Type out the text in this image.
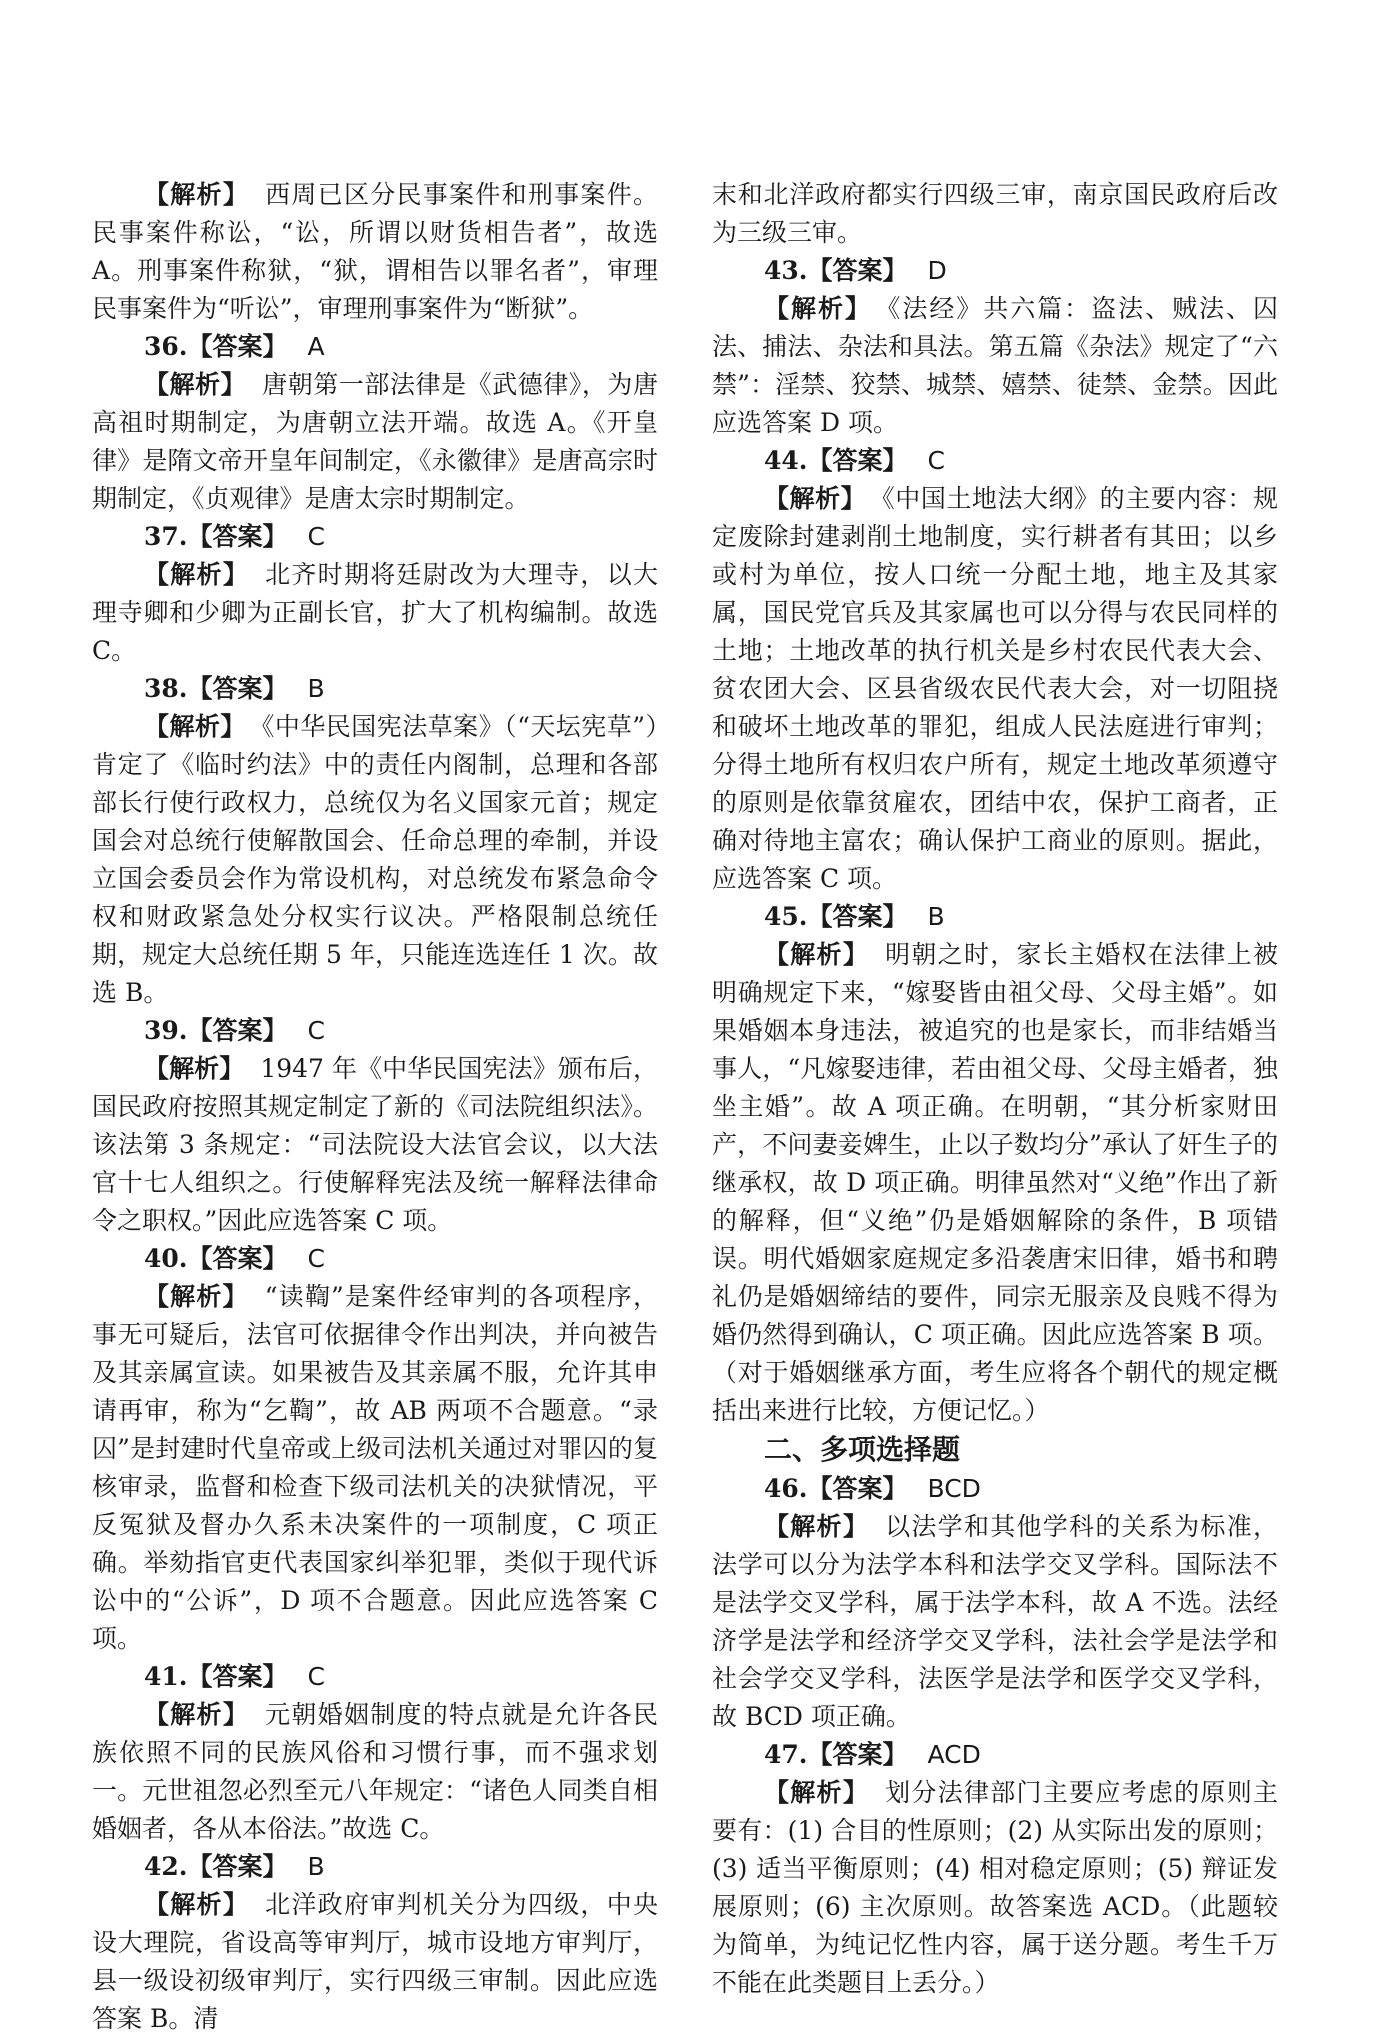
【解析】 西周已区分民事案件和刑事案件。民事案件称讼，“讼，所谓以财货相告者”，故选 A。刑事案件称狱，“狱，谓相告以罪名者”，审理民事案件为“听讼”，审理刑事案件为“断狱”。

36.【答案】 A

【解析】 唐朝第一部法律是《武德律》，为唐高祖时期制定，为唐朝立法开端。故选 A。《开皇律》是隋文帝开皇年间制定，《永徽律》是唐高宗时期制定，《贞观律》是唐太宗时期制定。

37.【答案】 C

【解析】 北齐时期将廷尉改为大理寺，以大理寺卿和少卿为正副长官，扩大了机构编制。故选 C。

38.【答案】 B

【解析】 《中华民国宪法草案》（“天坛宪草”）肯定了《临时约法》中的责任内阁制，总理和各部部长行使行政权力，总统仅为名义国家元首；规定国会对总统行使解散国会、任命总理的牵制，并设立国会委员会作为常设机构，对总统发布紧急命令权和财政紧急处分权实行议决。严格限制总统任期，规定大总统任期 5 年，只能连选连任 1 次。故选 B。

39.【答案】 C

【解析】 1947 年《中华民国宪法》颁布后，国民政府按照其规定制定了新的《司法院组织法》。该法第 3 条规定：“司法院设大法官会议，以大法官十七人组织之。行使解释宪法及统一解释法律命令之职权。”因此应选答案 C 项。

40.【答案】 C

【解析】 “读鞫”是案件经审判的各项程序，事无可疑后，法官可依据律令作出判决，并向被告及其亲属宣读。如果被告及其亲属不服，允许其申请再审，称为“乞鞫”，故 AB 两项不合题意。“录囚”是封建时代皇帝或上级司法机关通过对罪囚的复核审录，监督和检查下级司法机关的决狱情况，平反冤狱及督办久系未决案件的一项制度，C 项正确。举劾指官吏代表国家纠举犯罪，类似于现代诉讼中的“公诉”，D 项不合题意。因此应选答案 C 项。

41.【答案】 C

【解析】 元朝婚姻制度的特点就是允许各民族依照不同的民族风俗和习惯行事，而不强求划一。元世祖忽必烈至元八年规定：“诸色人同类自相婚姻者，各从本俗法。”故选 C。

42.【答案】 B

【解析】 北洋政府审判机关分为四级，中央设大理院，省设高等审判厅，城市设地方审判厅，县一级设初级审判厅，实行四级三审制。因此应选答案 B。清

末和北洋政府都实行四级三审，南京国民政府后改为三级三审。

43.【答案】 D

【解析】 《法经》共六篇：盗法、贼法、囚法、捕法、杂法和具法。第五篇《杂法》规定了“六禁”：淫禁、狡禁、城禁、嬉禁、徒禁、金禁。因此应选答案 D 项。

44.【答案】 C

【解析】 《中国土地法大纲》的主要内容：规定废除封建剥削土地制度，实行耕者有其田；以乡或村为单位，按人口统一分配土地，地主及其家属，国民党官兵及其家属也可以分得与农民同样的土地；土地改革的执行机关是乡村农民代表大会、贫农团大会、区县省级农民代表大会，对一切阻挠和破坏土地改革的罪犯，组成人民法庭进行审判；分得土地所有权归农户所有，规定土地改革须遵守的原则是依靠贫雇农，团结中农，保护工商者，正确对待地主富农；确认保护工商业的原则。据此，应选答案 C 项。

45.【答案】 B

【解析】 明朝之时，家长主婚权在法律上被明确规定下来，“嫁娶皆由祖父母、父母主婚”。如果婚姻本身违法，被追究的也是家长，而非结婚当事人，“凡嫁娶违律，若由祖父母、父母主婚者，独坐主婚”。故 A 项正确。在明朝，“其分析家财田产，不问妻妾婢生，止以子数均分”承认了奸生子的继承权，故 D 项正确。明律虽然对“义绝”作出了新的解释，但“义绝”仍是婚姻解除的条件，B 项错误。明代婚姻家庭规定多沿袭唐宋旧律，婚书和聘礼仍是婚姻缔结的要件，同宗无服亲及良贱不得为婚仍然得到确认，C 项正确。因此应选答案 B 项。（对于婚姻继承方面，考生应将各个朝代的规定概括出来进行比较，方便记忆。）

二、多项选择题

46.【答案】 BCD

【解析】 以法学和其他学科的关系为标准，法学可以分为法学本科和法学交叉学科。国际法不是法学交叉学科，属于法学本科，故 A 不选。法经济学是法学和经济学交叉学科，法社会学是法学和社会学交叉学科，法医学是法学和医学交叉学科，故 BCD 项正确。

47.【答案】 ACD

【解析】 划分法律部门主要应考虑的原则主要有：(1) 合目的性原则；(2) 从实际出发的原则；(3) 适当平衡原则；(4) 相对稳定原则；(5) 辩证发展原则；(6) 主次原则。故答案选 ACD。（此题较为简单，为纯记忆性内容，属于送分题。考生千万不能在此类题目上丢分。）
